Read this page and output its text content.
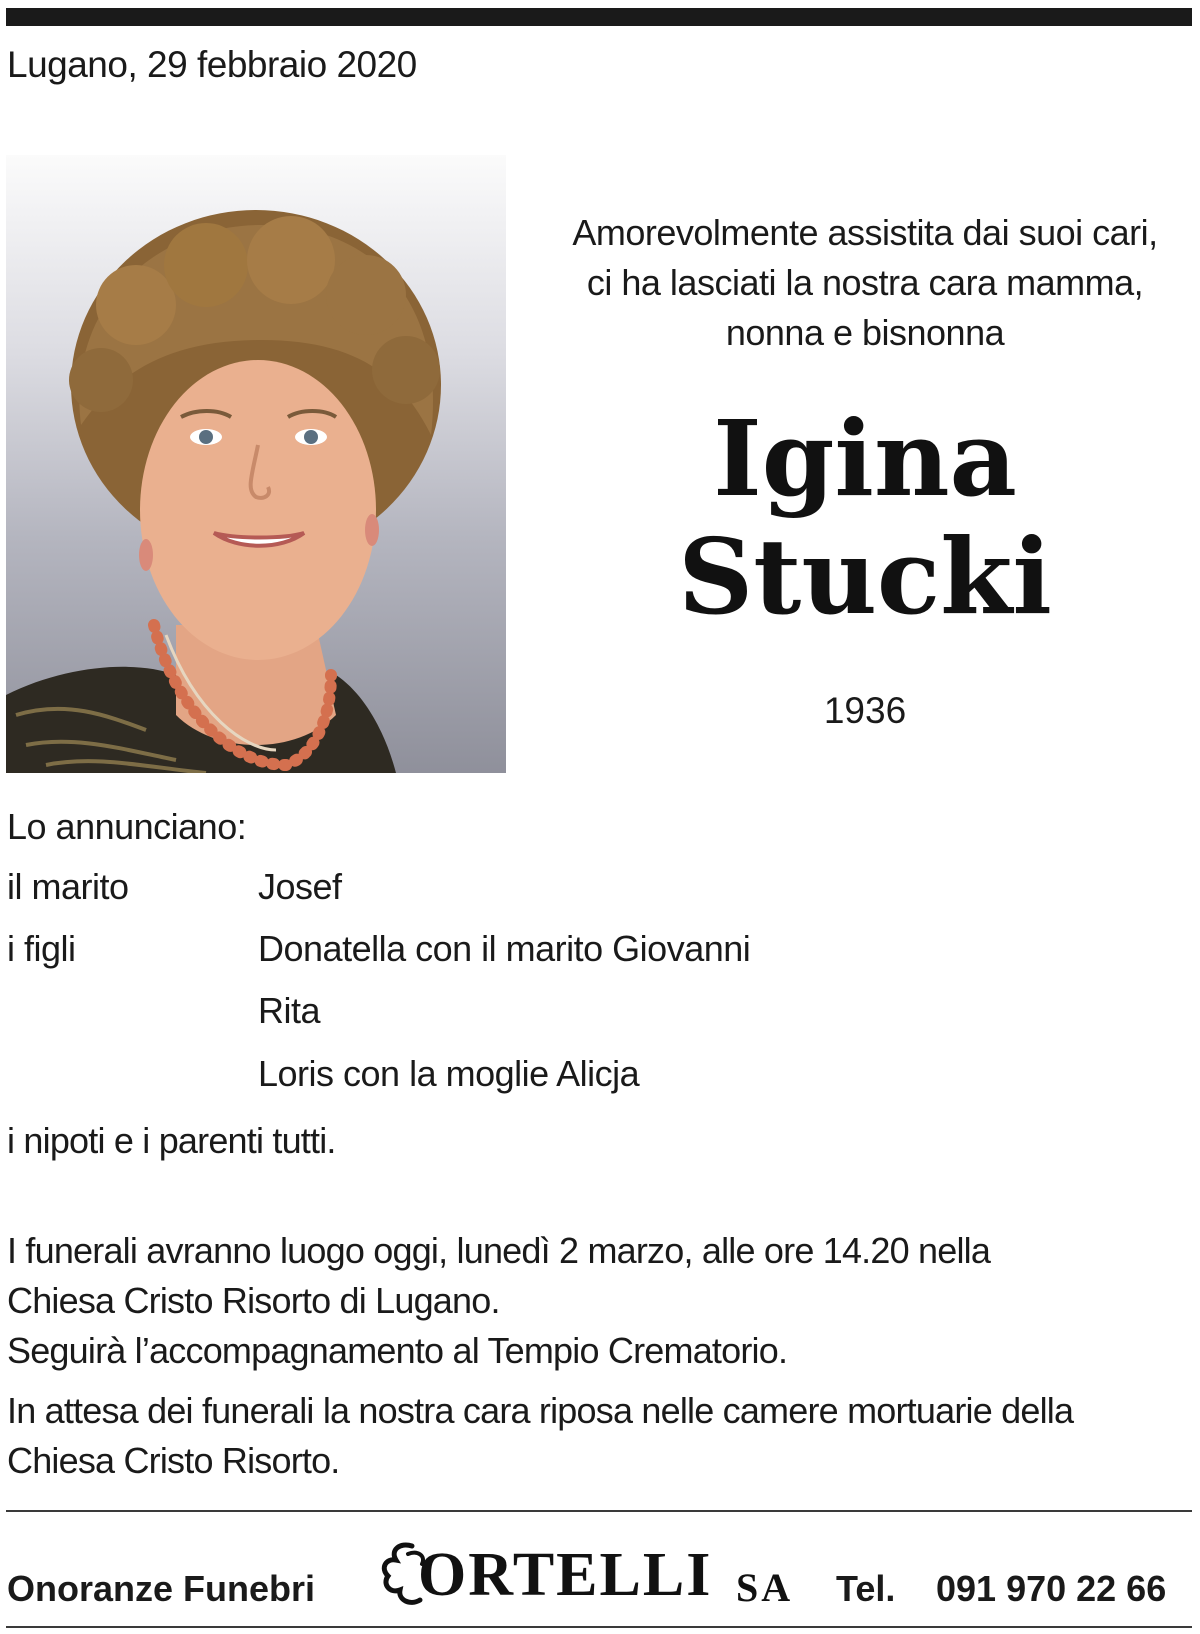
Lugano, 29 febbraio 2020
Amorevolmente assistita dai suoi cari,
ci ha lasciati la nostra cara mamma,
nonna e bisnonna
Igina
Stucki
1936
Lo annunciano:
il marito	Josef
i figli	Donatella con il marito Giovanni
Rita
Loris con la moglie Alicja
i nipoti e i parenti tutti.
I funerali avranno luogo oggi, lunedì 2 marzo, alle ore 14.20 nella
Chiesa Cristo Risorto di Lugano.
Seguirà l’accompagnamento al Tempio Crematorio.
In attesa dei funerali la nostra cara riposa nelle camere mortuarie della
Chiesa Cristo Risorto.
Onoranze Funebri ORTELLI SA Tel. 091 970 22 66
